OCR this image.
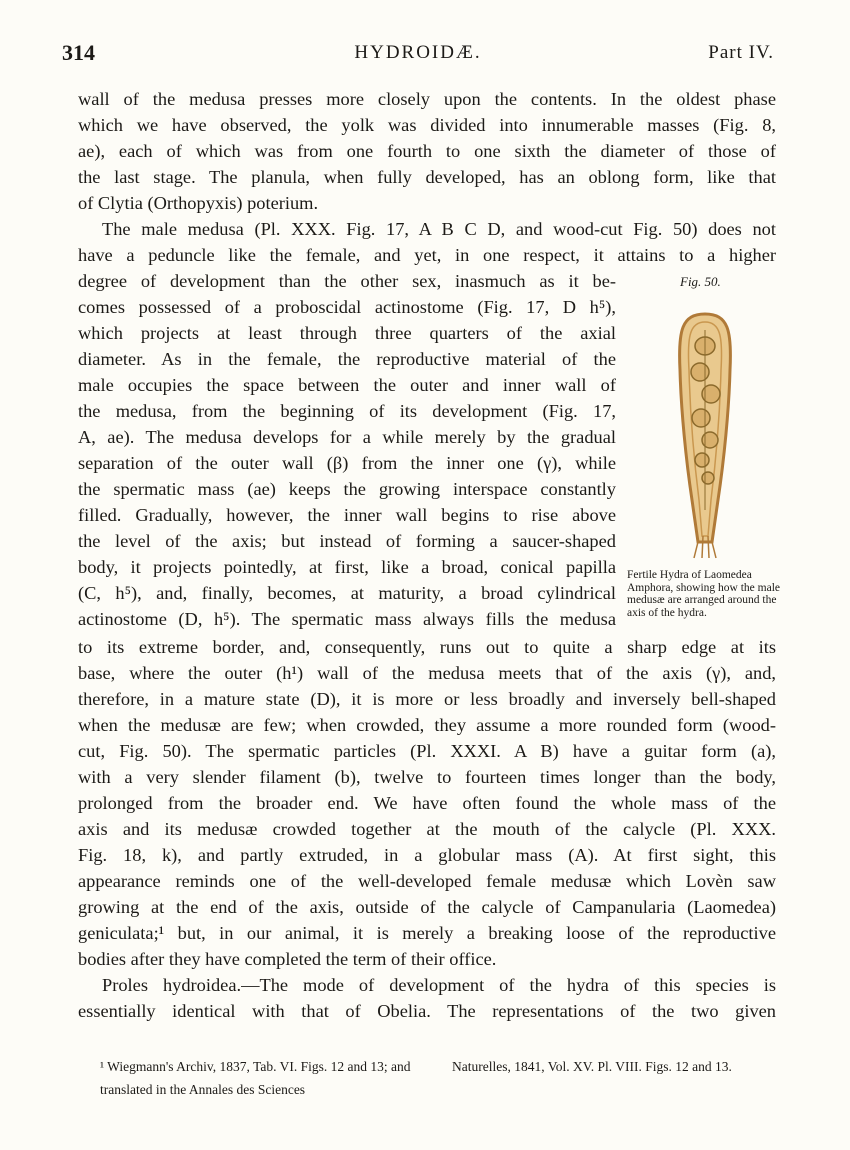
314	HYDROIDÆ.	Part IV.
wall of the medusa presses more closely upon the contents. In the oldest phase
which we have observed, the yolk was divided into innumerable masses (Fig. 8,
ae), each of which was from one fourth to one sixth the diameter of those of
the last stage. The planula, when fully developed, has an oblong form, like that
of Clytia (Orthopyxis) poterium.
The male medusa (Pl. XXX. Fig. 17, A B C D, and wood-cut Fig. 50) does not
have a peduncle like the female, and yet, in one respect, it attains to a higher
degree of development than the other sex, inasmuch as it be-
comes possessed of a proboscidal actinostome (Fig. 17, D h⁵),
which projects at least through three quarters of the axial
diameter. As in the female, the reproductive material of the
male occupies the space between the outer and inner wall of
the medusa, from the beginning of its development (Fig. 17,
A, ae). The medusa develops for a while merely by the gradual
separation of the outer wall (β) from the inner one (γ), while
the spermatic mass (ae) keeps the growing interspace constantly
filled. Gradually, however, the inner wall begins to rise above
the level of the axis; but instead of forming a saucer-shaped
body, it projects pointedly, at first, like a broad, conical papilla
(C, h⁵), and, finally, becomes, at maturity, a broad cylindrical
actinostome (D, h⁵). The spermatic mass always fills the medusa
to its extreme border, and, consequently, runs out to quite a sharp edge at its
base, where the outer (h¹) wall of the medusa meets that of the axis (γ), and,
therefore, in a mature state (D), it is more or less broadly and inversely bell-shaped
when the medusæ are few; when crowded, they assume a more rounded form (wood-
cut, Fig. 50). The spermatic particles (Pl. XXXI. A B) have a guitar form (a),
with a very slender filament (b), twelve to fourteen times longer than the body,
prolonged from the broader end. We have often found the whole mass of the
axis and its medusæ crowded together at the mouth of the calycle (Pl. XXX.
Fig. 18, k), and partly extruded, in a globular mass (A). At first sight, this
appearance reminds one of the well-developed female medusæ which Lovèn saw
growing at the end of the axis, outside of the calycle of Campanularia (Laomedea)
geniculata;¹ but, in our animal, it is merely a breaking loose of the reproductive
bodies after they have completed the term of their office.
Proles hydroidea.—The mode of development of the hydra of this species is
essentially identical with that of Obelia. The representations of the two given
Fig. 50.
Fertile Hydra of Laomedea Amphora, showing how the male medusæ are arranged around the axis of the hydra.
¹ Wiegmann's Archiv, 1837, Tab. VI. Figs. 12 and 13; and translated in the Annales des Sciences
Naturelles, 1841, Vol. XV. Pl. VIII. Figs. 12 and 13.
